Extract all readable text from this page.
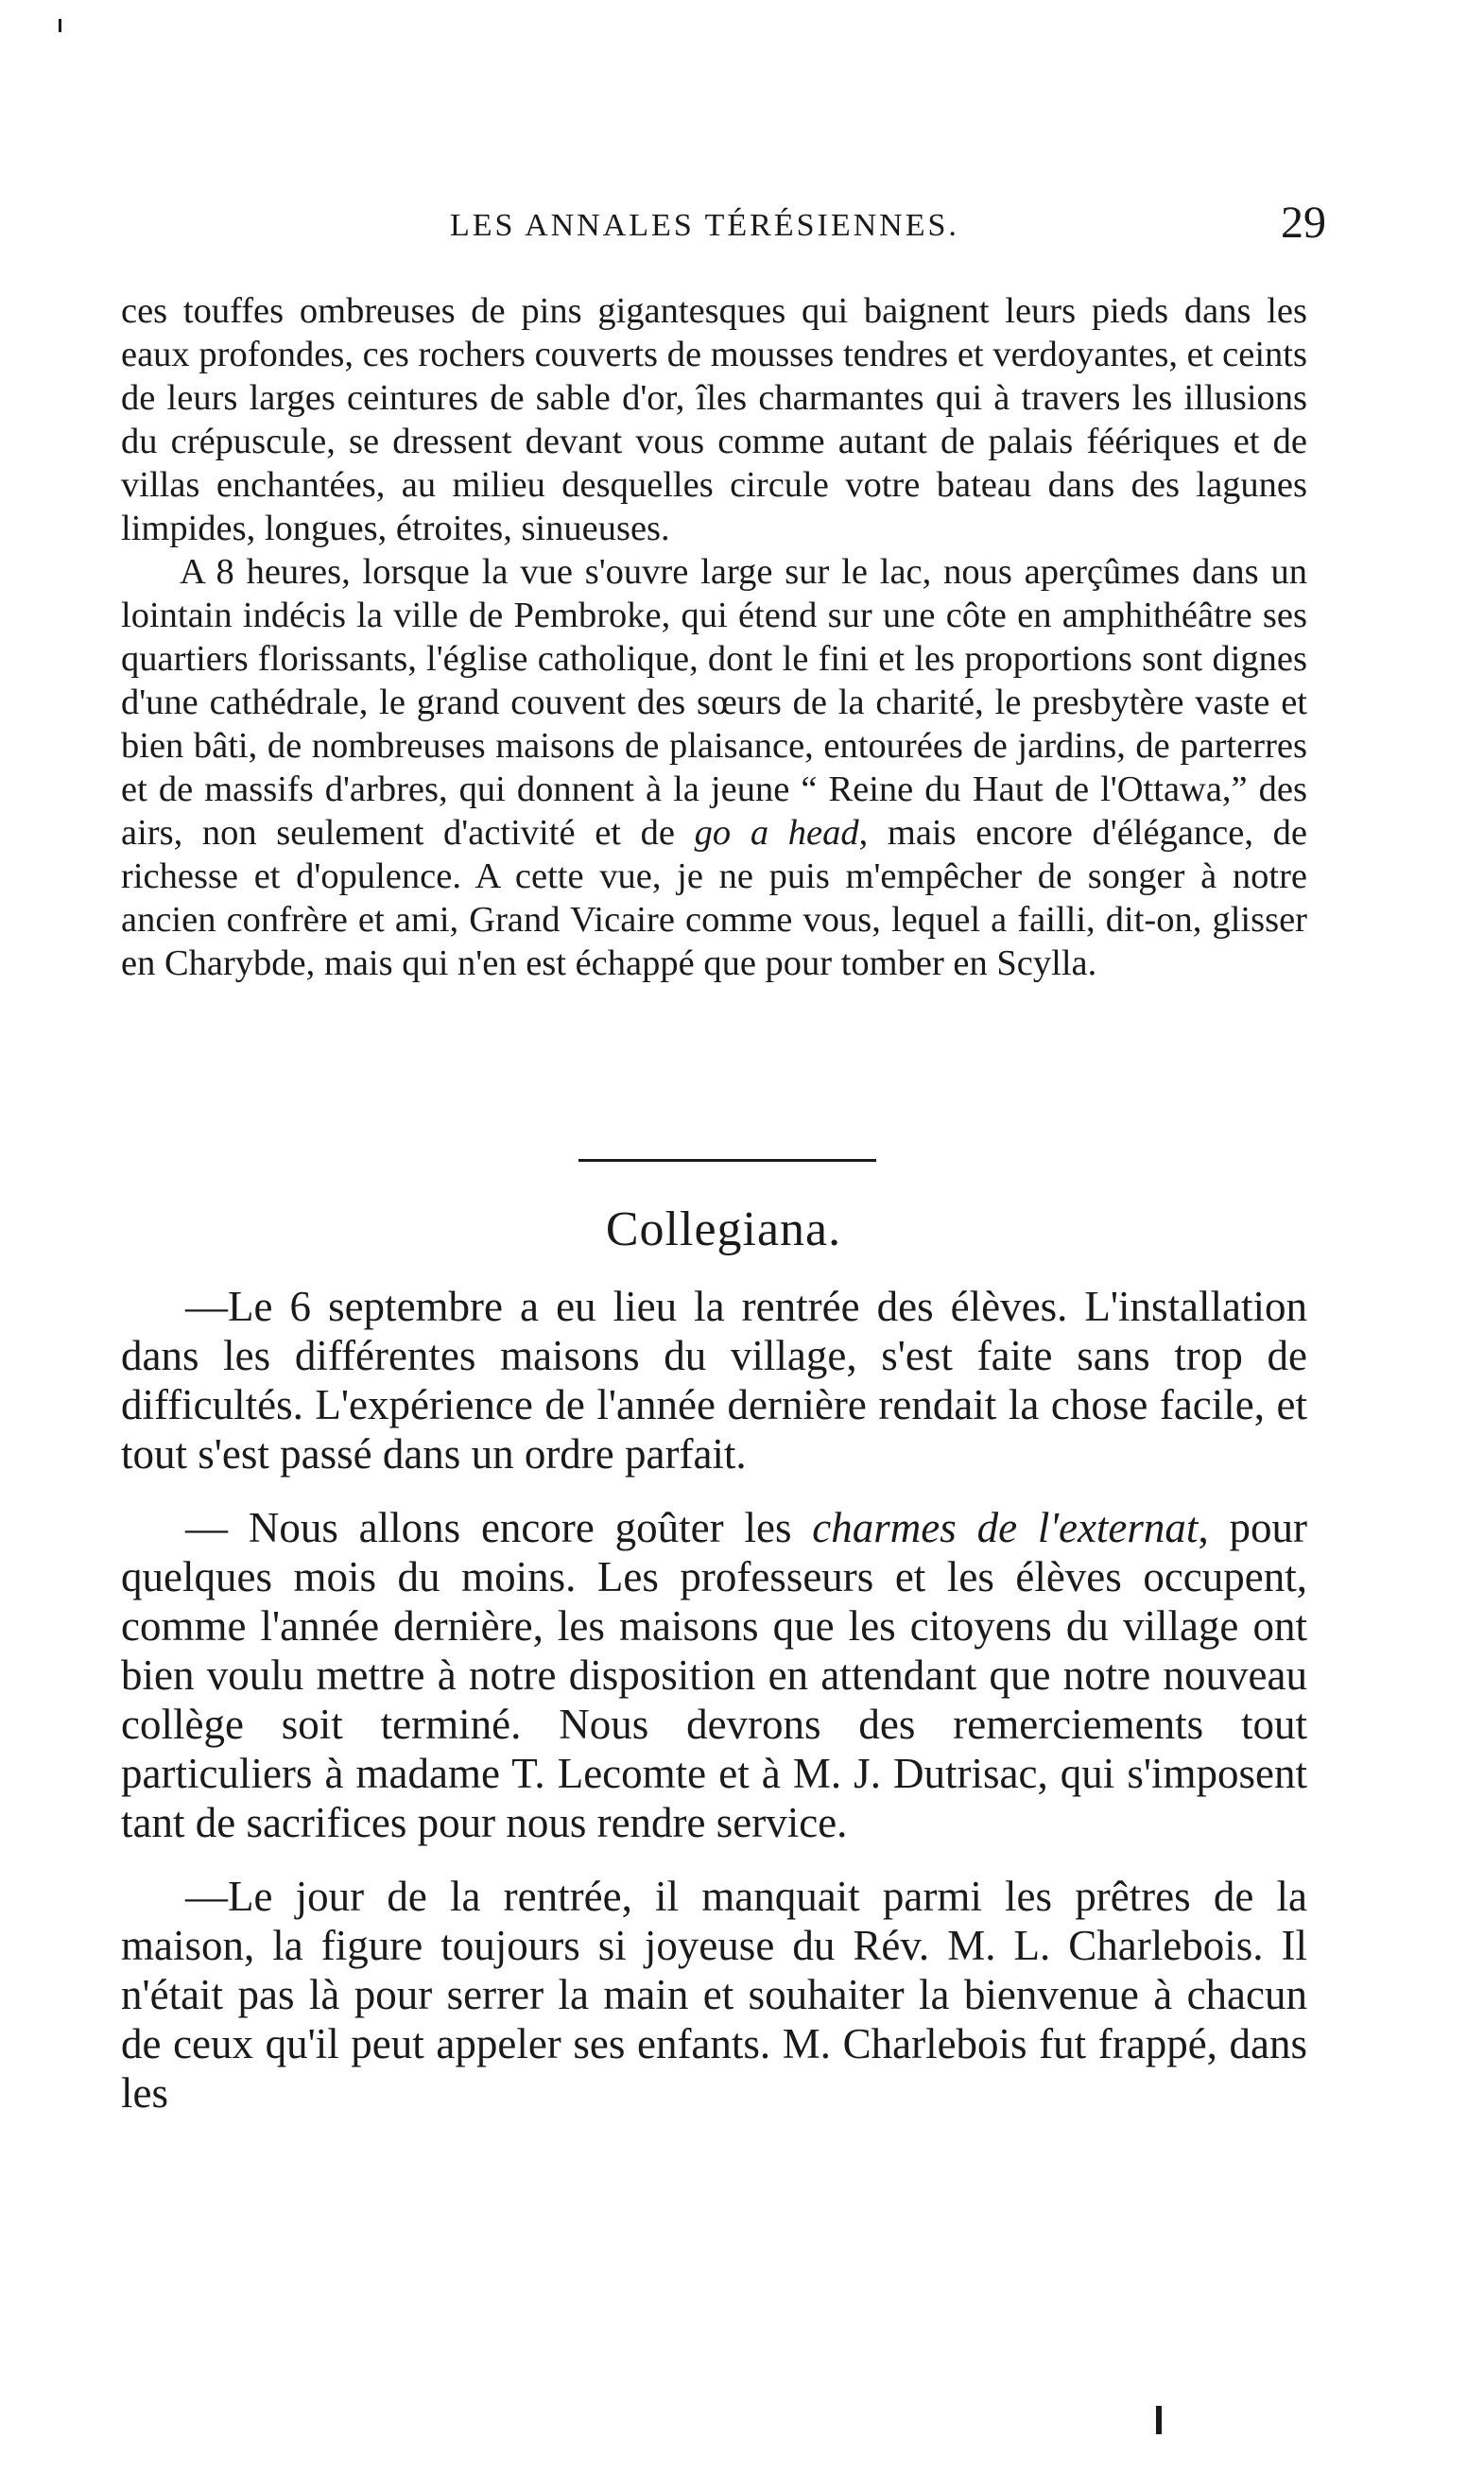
LES ANNALES TÉRÉSIENNES.	29

ces touffes ombreuses de pins gigantesques qui baignent leurs pieds dans les eaux profondes, ces rochers couverts de mousses tendres et verdoyantes, et ceints de leurs larges ceintures de sable d'or, îles charmantes qui à travers les illusions du crépuscule, se dressent devant vous comme autant de palais féériques et de villas enchantées, au milieu desquelles circule votre bateau dans des lagunes limpides, longues, étroites, sinueuses.

A 8 heures, lorsque la vue s'ouvre large sur le lac, nous aperçûmes dans un lointain indécis la ville de Pembroke, qui étend sur une côte en amphithéâtre ses quartiers florissants, l'église catholique, dont le fini et les proportions sont dignes d'une cathédrale, le grand couvent des sœurs de la charité, le presbytère vaste et bien bâti, de nombreuses maisons de plaisance, entourées de jardins, de parterres et de massifs d'arbres, qui donnent à la jeune “ Reine du Haut de l'Ottawa,” des airs, non seulement d'activité et de go a head, mais encore d'élégance, de richesse et d'opulence. A cette vue, je ne puis m'empêcher de songer à notre ancien confrère et ami, Grand Vicaire comme vous, lequel a failli, dit-on, glisser en Charybde, mais qui n'en est échappé que pour tomber en Scylla.

Collegiana.

—Le 6 septembre a eu lieu la rentrée des élèves. L'installation dans les différentes maisons du village, s'est faite sans trop de difficultés. L'expérience de l'année dernière rendait la chose facile, et tout s'est passé dans un ordre parfait.

— Nous allons encore goûter les charmes de l'externat, pour quelques mois du moins. Les professeurs et les élèves occupent, comme l'année dernière, les maisons que les citoyens du village ont bien voulu mettre à notre disposition en attendant que notre nouveau collège soit terminé. Nous devrons des remerciements tout particuliers à madame T. Lecomte et à M. J. Dutrisac, qui s'imposent tant de sacrifices pour nous rendre service.

—Le jour de la rentrée, il manquait parmi les prêtres de la maison, la figure toujours si joyeuse du Rév. M. L. Charlebois. Il n'était pas là pour serrer la main et souhaiter la bienvenue à chacun de ceux qu'il peut appeler ses enfants. M. Charlebois fut frappé, dans les
